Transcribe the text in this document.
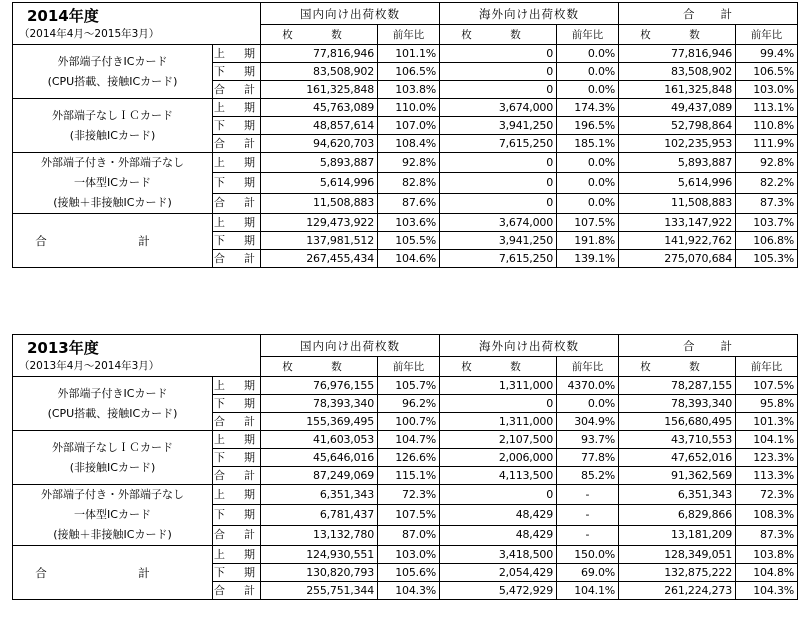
2014年度		国内向け出荷枚数		海外向け出荷枚数		合　　計	
（2014年4月～2015年3月）		枚　数	前年比	枚　数	前年比	枚　数	前年比

外部端子付きICカード
(CPU搭載、接触ICカード)	上　期	77,816,946	101.1%	0	0.0%	77,816,946	99.4%
	下　期	83,508,902	106.5%	0	0.0%	83,508,902	106.5%
	合　計	161,325,848	103.8%	0	0.0%	161,325,848	103.0%

外部端子なしＩＣカード
(非接触ICカード)	上　期	45,763,089	110.0%	3,674,000	174.3%	49,437,089	113.1%
	下　期	48,857,614	107.0%	3,941,250	196.5%	52,798,864	110.8%
	合　計	94,620,703	108.4%	7,615,250	185.1%	102,235,953	111.9%

外部端子付き・外部端子なし
一体型ICカード
(接触＋非接触ICカード)	上　期	5,893,887	92.8%	0	0.0%	5,893,887	92.8%
	下　期	5,614,996	82.8%	0	0.0%	5,614,996	82.2%
	合　計	11,508,883	87.6%	0	0.0%	11,508,883	87.3%

合　計	上　期	129,473,922	103.6%	3,674,000	107.5%	133,147,922	103.7%
	下　期	137,981,512	105.5%	3,941,250	191.8%	141,922,762	106.8%
	合　計	267,455,434	104.6%	7,615,250	139.1%	275,070,684	105.3%
2013年度		国内向け出荷枚数		海外向け出荷枚数		合　　計	
（2013年4月～2014年3月）		枚　数	前年比	枚　数	前年比	枚　数	前年比

外部端子付きICカード
(CPU搭載、接触ICカード)	上　期	76,976,155	105.7%	1,311,000	4370.0%	78,287,155	107.5%
	下　期	78,393,340	96.2%	0	0.0%	78,393,340	95.8%
	合　計	155,369,495	100.7%	1,311,000	304.9%	156,680,495	101.3%

外部端子なしＩＣカード
(非接触ICカード)	上　期	41,603,053	104.7%	2,107,500	93.7%	43,710,553	104.1%
	下　期	45,646,016	126.6%	2,006,000	77.8%	47,652,016	123.3%
	合　計	87,249,069	115.1%	4,113,500	85.2%	91,362,569	113.3%

外部端子付き・外部端子なし
一体型ICカード
(接触＋非接触ICカード)	上　期	6,351,343	72.3%	0	-	6,351,343	72.3%
	下　期	6,781,437	107.5%	48,429	-	6,829,866	108.3%
	合　計	13,132,780	87.0%	48,429	-	13,181,209	87.3%

合　計	上　期	124,930,551	103.0%	3,418,500	150.0%	128,349,051	103.8%
	下　期	130,820,793	105.6%	2,054,429	69.0%	132,875,222	104.8%
	合　計	255,751,344	104.3%	5,472,929	104.1%	261,224,273	104.3%
